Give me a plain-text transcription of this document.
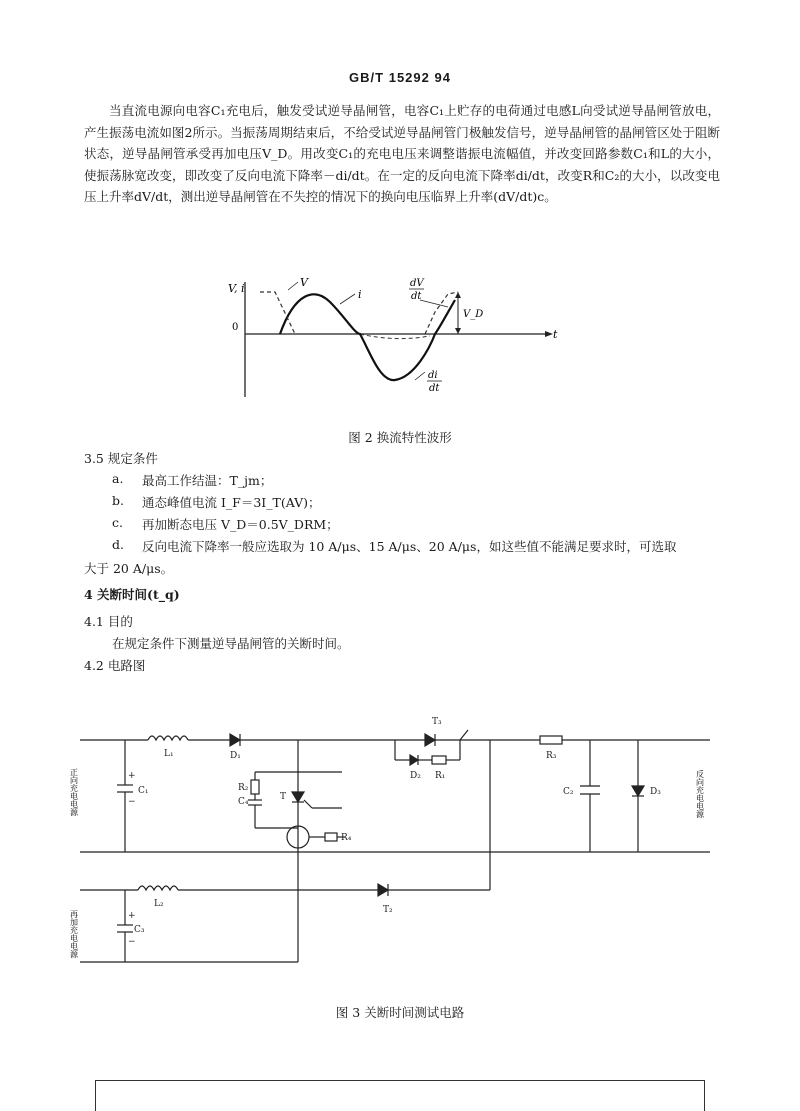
GB/T 15292 94

当直流电源向电容C₁充电后，触发受试逆导晶闸管，电容C₁上贮存的电荷通过电感L向受试逆导晶闸管放电，产生振荡电流如图2所示。当振荡周期结束后，不给受试逆导晶闸管门极触发信号，逆导晶闸管的晶闸管区处于阻断状态，逆导晶闸管承受再加电压V_D。用改变C₁的充电电压来调整谐振电流幅值，并改变回路参数C₁和L的大小，使振荡脉宽改变，即改变了反向电流下降率－di/dt。在一定的反向电流下降率di/dt，改变R和C₂的大小，以改变电压上升率dV/dt，测出逆导晶闸管在不失控的情况下的换向电压临界上升率(dV/dt)c。

V, i
t
0
V
i
dV
dt
V_D
di
dt
图 2 换流特性波形
3.5 规定条件
a. 最高工作结温：T_jm；
b. 通态峰值电流 I_F＝3I_T(AV)；
c. 再加断态电压 V_D＝0.5V_DRM；
d. 反向电流下降率一般应选取为 10 A/μs、15 A/μs、20 A/μs，如这些值不能满足要求时，可选取
大于 20 A/μs。
4 关断时间(t_q)
4.1 目的
在规定条件下测量逆导晶闸管的关断时间。
4.2 电路图
L₁	D₁
T₃
D₂ R₁
R₃
C₁	R₂
C₄	T
R₄
C₂	D₃
L₂
T₂
C₃
+
−
+
−
正向充电电源
再加充电电源
反向充电电源
图 3 关断时间测试电路
